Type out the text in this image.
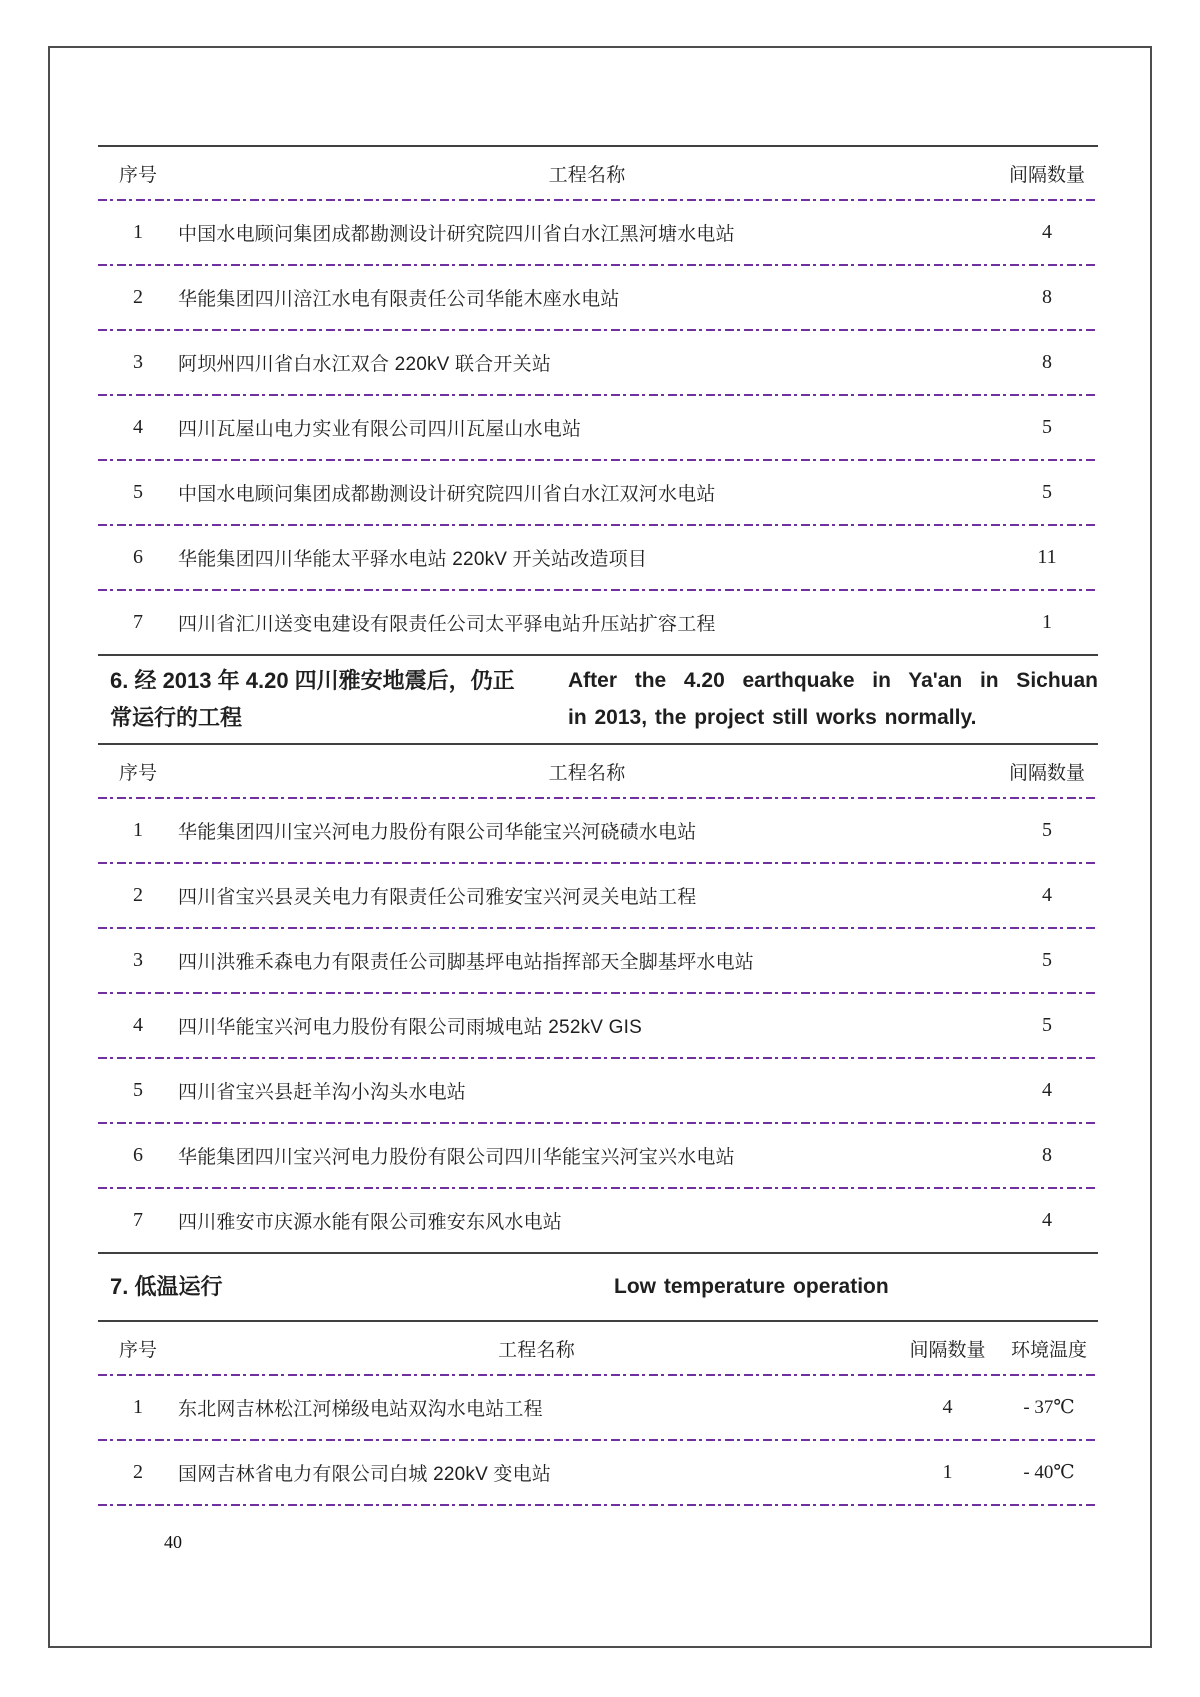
序号	工程名称	间隔数量
1	中国水电顾问集团成都勘测设计研究院四川省白水江黑河塘水电站	4
2	华能集团四川涪江水电有限责任公司华能木座水电站	8
3	阿坝州四川省白水江双合 220kV 联合开关站	8
4	四川瓦屋山电力实业有限公司四川瓦屋山水电站	5
5	中国水电顾问集团成都勘测设计研究院四川省白水江双河水电站	5
6	华能集团四川华能太平驿水电站 220kV 开关站改造项目	11
7	四川省汇川送变电建设有限责任公司太平驿电站升压站扩容工程	1
6. 经 2013 年 4.20 四川雅安地震后，仍正
常运行的工程
After the 4.20 earthquake in Ya'an in Sichuan
in 2013, the project still works normally.
序号	工程名称	间隔数量
1	华能集团四川宝兴河电力股份有限公司华能宝兴河硗碛水电站	5
2	四川省宝兴县灵关电力有限责任公司雅安宝兴河灵关电站工程	4
3	四川洪雅禾森电力有限责任公司脚基坪电站指挥部天全脚基坪水电站	5
4	四川华能宝兴河电力股份有限公司雨城电站 252kV GIS	5
5	四川省宝兴县赶羊沟小沟头水电站	4
6	华能集团四川宝兴河电力股份有限公司四川华能宝兴河宝兴水电站	8
7	四川雅安市庆源水能有限公司雅安东风水电站	4
7. 低温运行	Low temperature operation
序号	工程名称	间隔数量	环境温度
1	东北网吉林松江河梯级电站双沟水电站工程	4	- 37℃
2	国网吉林省电力有限公司白城 220kV 变电站	1	- 40℃
40
